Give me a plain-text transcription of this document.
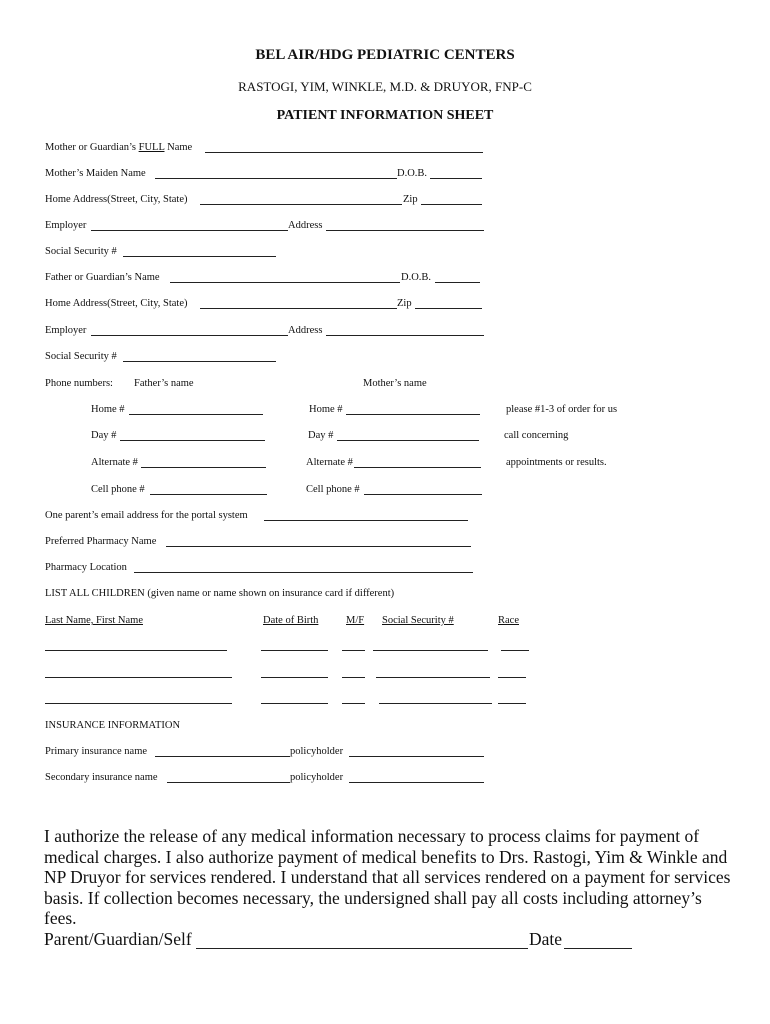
BEL AIR/HDG PEDIATRIC CENTERS
RASTOGI, YIM, WINKLE, M.D. & DRUYOR, FNP-C
PATIENT INFORMATION SHEET
Mother or Guardian’s FULL Name
Mother’s Maiden Name	D.O.B.
Home Address(Street, City, State)	Zip
Employer	Address
Social Security #
Father or Guardian’s Name	D.O.B.
Home Address(Street, City, State)	Zip
Employer	Address
Social Security #
Phone numbers: Father’s name	Mother’s name
Home #	Home #	please #1-3 of order for us
Day #	Day #	call concerning
Alternate #	Alternate #	appointments or results.
Cell phone #	Cell phone #
One parent’s email address for the portal system
Preferred Pharmacy Name
Pharmacy Location
LIST ALL CHILDREN (given name or name shown on insurance card if different)
Last Name, First Name	Date of Birth	M/F Social Security #	Race
INSURANCE INFORMATION
Primary insurance name	policyholder
Secondary insurance name	policyholder
I authorize the release of any medical information necessary to process claims for payment of medical charges. I also authorize payment of medical benefits to Drs. Rastogi, Yim & Winkle and NP Druyor for services rendered. I understand that all services rendered on a payment for services basis. If collection becomes necessary, the undersigned shall pay all costs including attorney’s fees.
Parent/Guardian/Self	Date
